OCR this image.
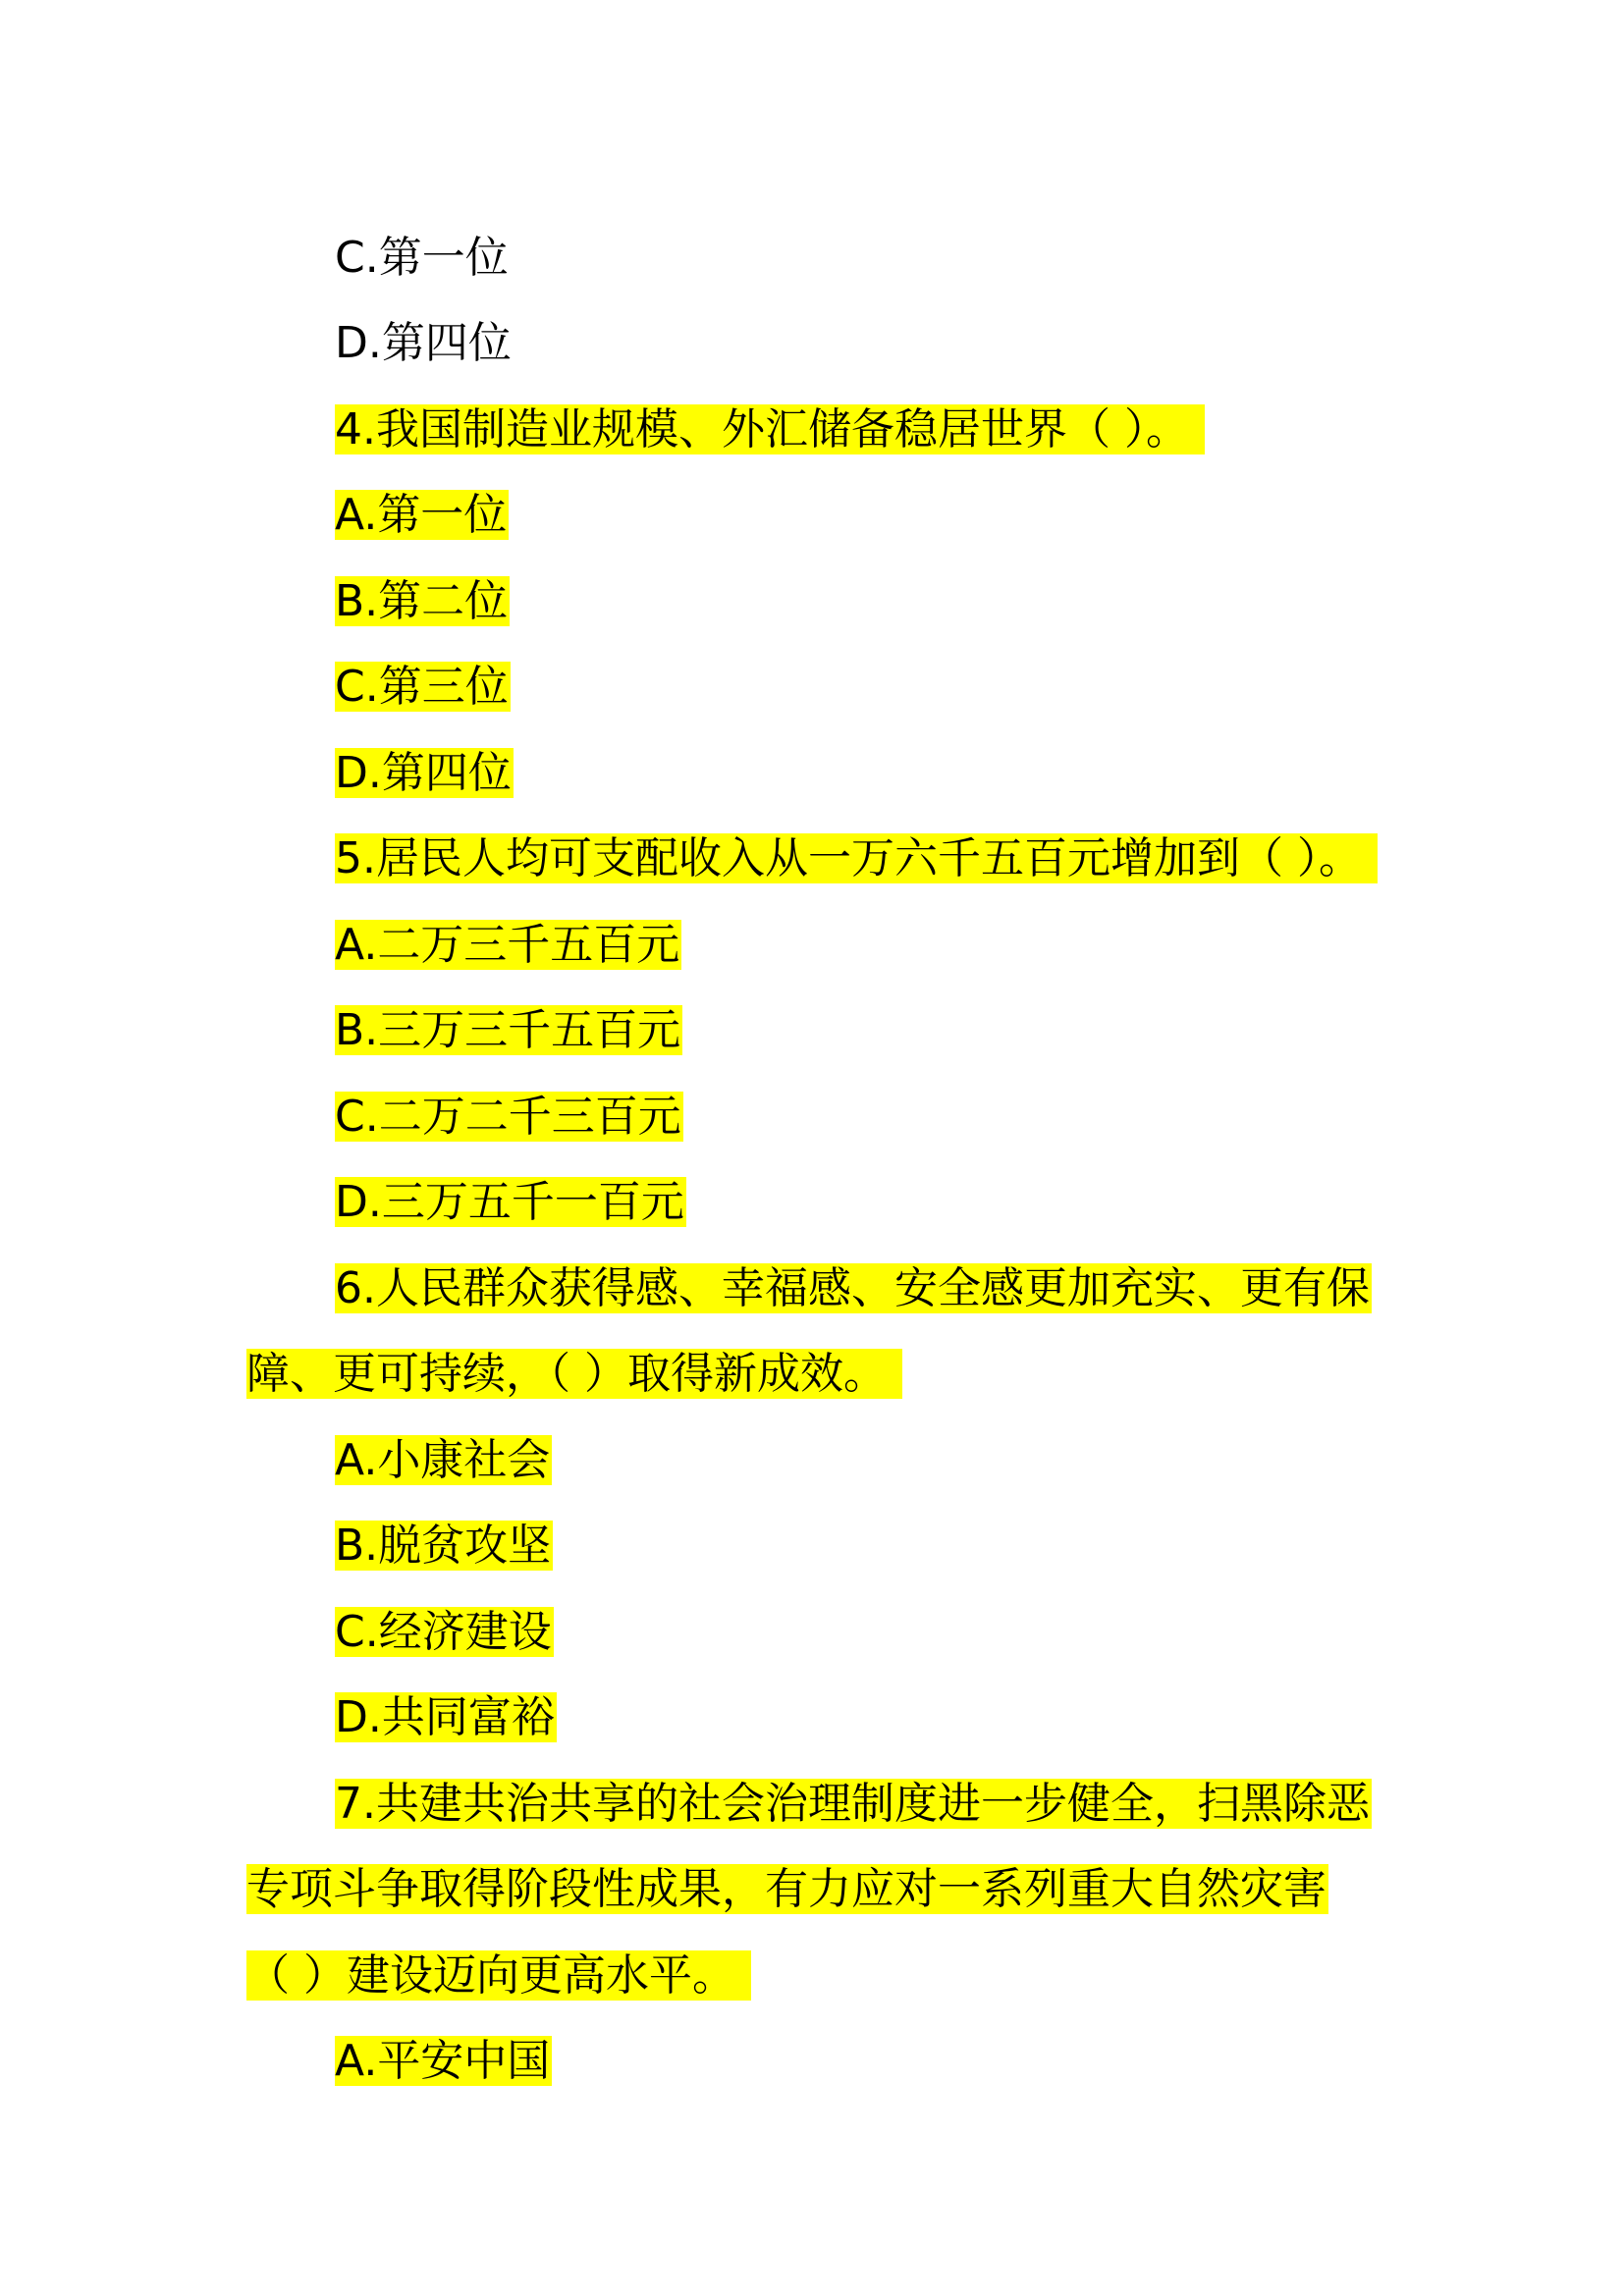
C.第一位
D.第四位
4.我国制造业规模、外汇储备稳居世界（ ）。
A.第一位
B.第二位
C.第三位
D.第四位
5.居民人均可支配收入从一万六千五百元增加到（ ）。
A.二万三千五百元
B.三万三千五百元
C.二万二千三百元
D.三万五千一百元
6.人民群众获得感、幸福感、安全感更加充实、更有保
障、更可持续，（ ）取得新成效。
A.小康社会
B.脱贫攻坚
C.经济建设
D.共同富裕
7.共建共治共享的社会治理制度进一步健全，扫黑除恶
专项斗争取得阶段性成果，有力应对一系列重大自然灾害
（ ）建设迈向更高水平。
A.平安中国
